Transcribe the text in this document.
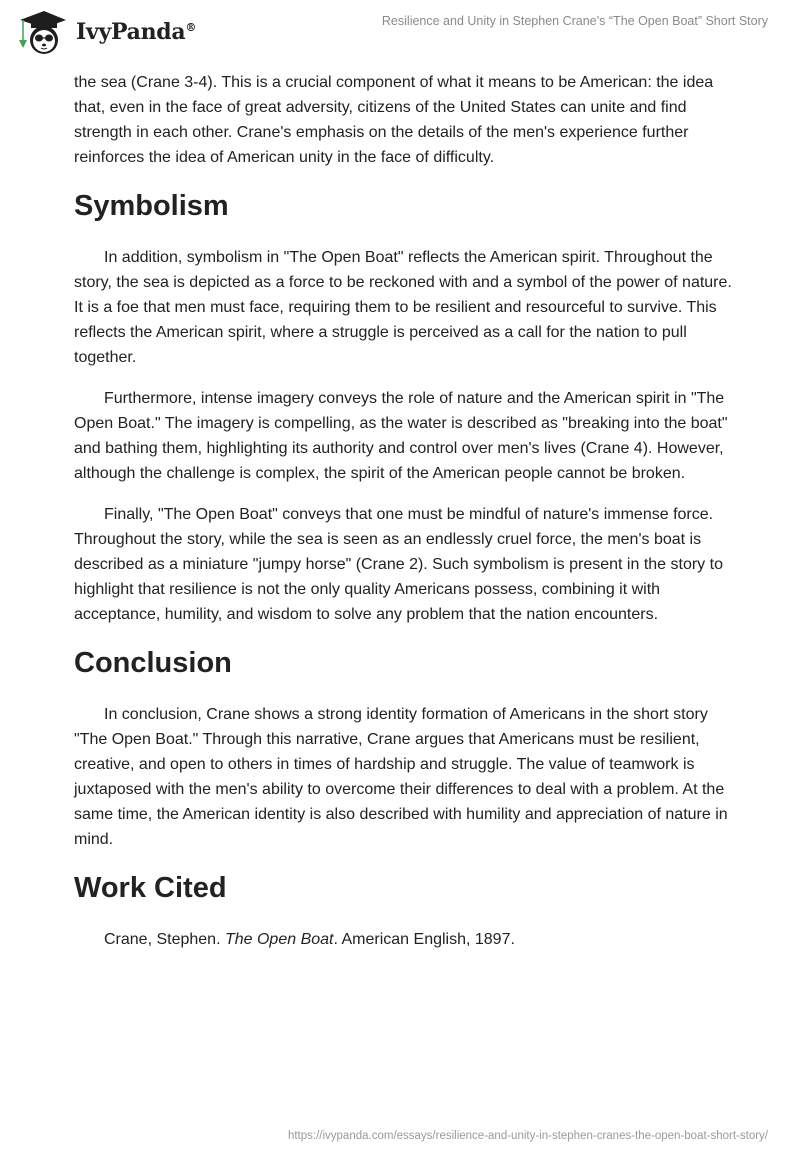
IvyPanda®	Resilience and Unity in Stephen Crane’s “The Open Boat” Short Story

the sea (Crane 3-4). This is a crucial component of what it means to be American: the idea that, even in the face of great adversity, citizens of the United States can unite and find strength in each other. Crane's emphasis on the details of the men's experience further reinforces the idea of American unity in the face of difficulty.

Symbolism

In addition, symbolism in "The Open Boat" reflects the American spirit. Throughout the story, the sea is depicted as a force to be reckoned with and a symbol of the power of nature. It is a foe that men must face, requiring them to be resilient and resourceful to survive. This reflects the American spirit, where a struggle is perceived as a call for the nation to pull together.

Furthermore, intense imagery conveys the role of nature and the American spirit in "The Open Boat." The imagery is compelling, as the water is described as "breaking into the boat" and bathing them, highlighting its authority and control over men's lives (Crane 4). However, although the challenge is complex, the spirit of the American people cannot be broken.

Finally, "The Open Boat" conveys that one must be mindful of nature's immense force. Throughout the story, while the sea is seen as an endlessly cruel force, the men's boat is described as a miniature "jumpy horse" (Crane 2). Such symbolism is present in the story to highlight that resilience is not the only quality Americans possess, combining it with acceptance, humility, and wisdom to solve any problem that the nation encounters.

Conclusion

In conclusion, Crane shows a strong identity formation of Americans in the short story "The Open Boat." Through this narrative, Crane argues that Americans must be resilient, creative, and open to others in times of hardship and struggle. The value of teamwork is juxtaposed with the men's ability to overcome their differences to deal with a problem. At the same time, the American identity is also described with humility and appreciation of nature in mind.

Work Cited

Crane, Stephen. The Open Boat. American English, 1897.

https://ivypanda.com/essays/resilience-and-unity-in-stephen-cranes-the-open-boat-short-story/
